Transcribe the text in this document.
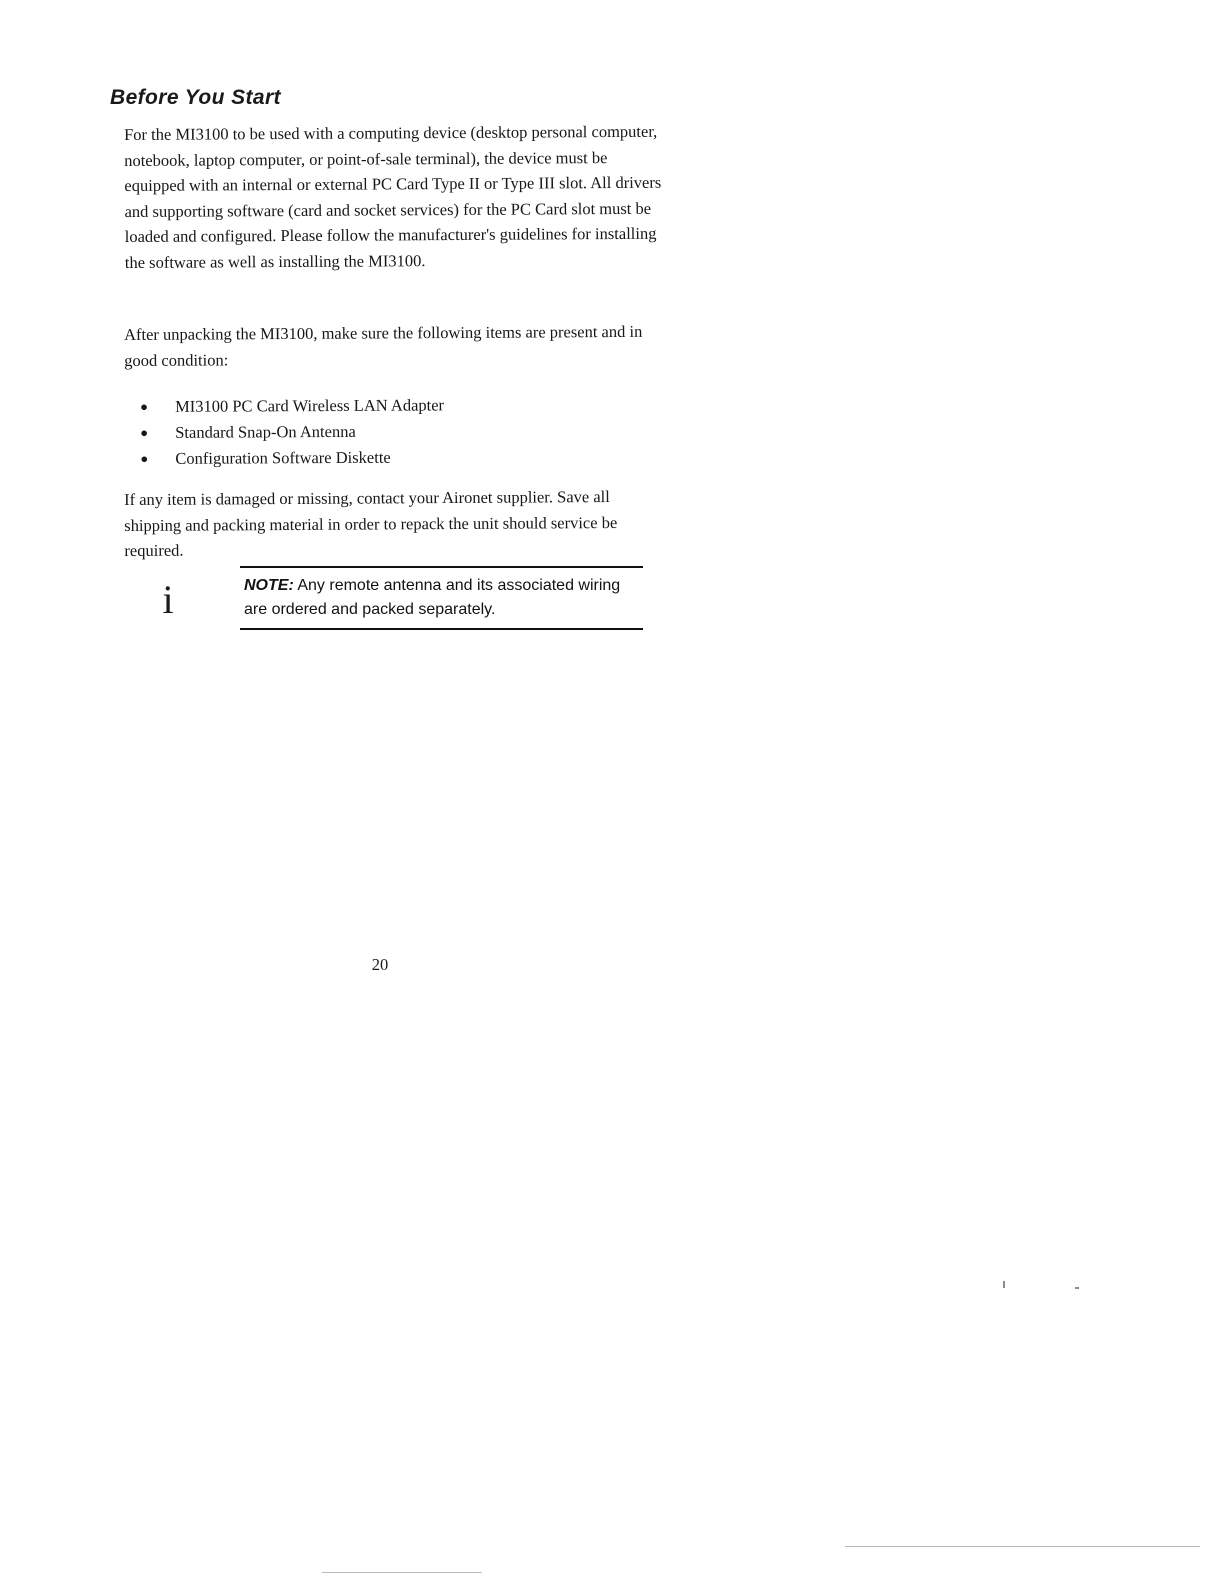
Before You Start
For the MI3100 to be used with a computing device (desktop personal computer, notebook, laptop computer, or point-of-sale terminal), the device must be equipped with an internal or external PC Card Type II or Type III slot. All drivers and supporting software (card and socket services) for the PC Card slot must be loaded and configured. Please follow the manufacturer's guidelines for installing the software as well as installing the MI3100.
After unpacking the MI3100, make sure the following items are present and in good condition:
●	MI3100 PC Card Wireless LAN Adapter
●	Standard Snap-On Antenna
●	Configuration Software Diskette
If any item is damaged or missing, contact your Aironet supplier. Save all shipping and packing material in order to repack the unit should service be required.
i	NOTE: Any remote antenna and its associated wiring are ordered and packed separately.
20
